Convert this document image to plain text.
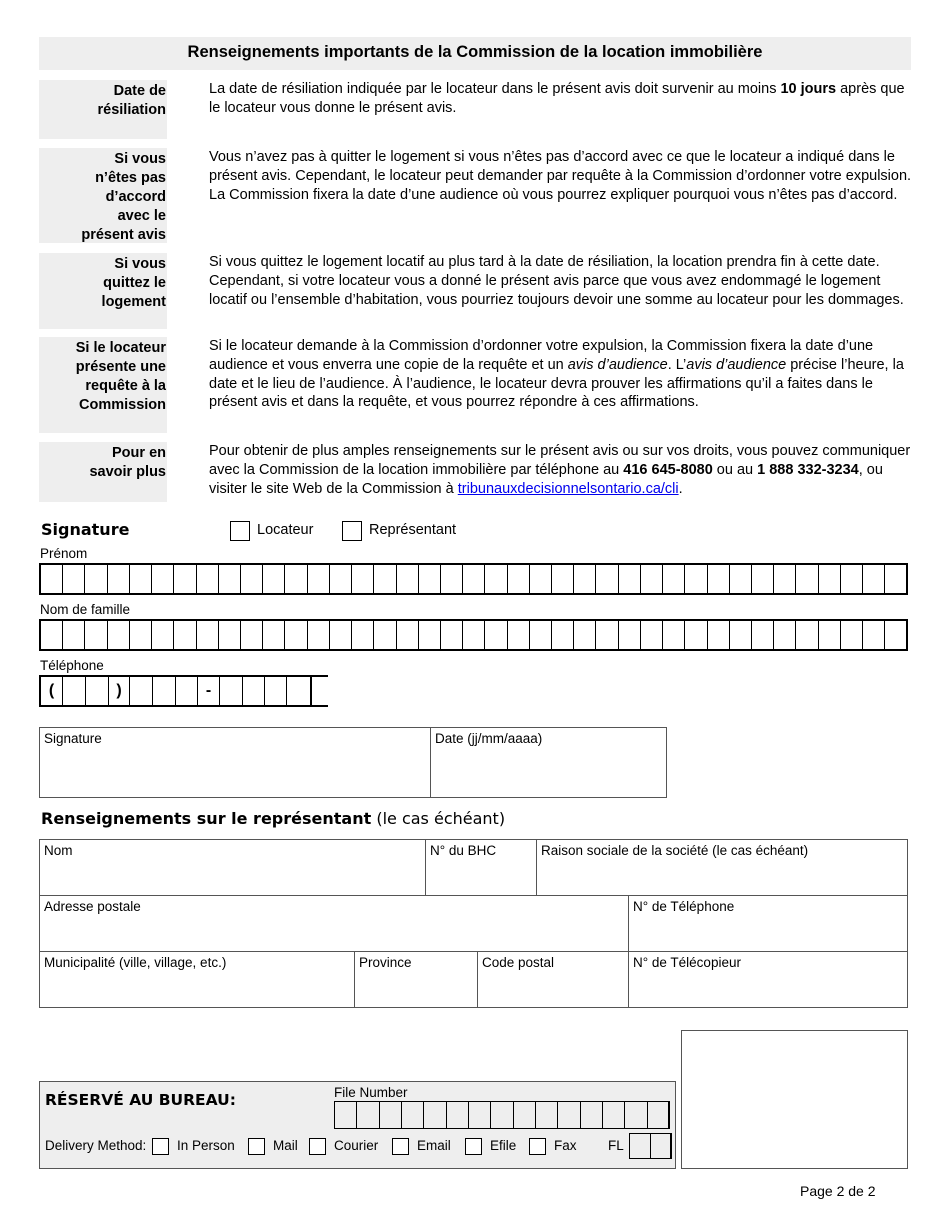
Renseignements importants de la Commission de la location immobilière
Date de
résiliation
La date de résiliation indiquée par le locateur dans le présent avis doit survenir au moins 10 jours après que le locateur vous donne le présent avis.
Si vous
n’êtes pas
d’accord
avec le
présent avis
Vous n’avez pas à quitter le logement si vous n’êtes pas d’accord avec ce que le locateur a indiqué dans le présent avis. Cependant, le locateur peut demander par requête à la Commission d’ordonner votre expulsion. La Commission fixera la date d’une audience où vous pourrez expliquer pourquoi vous n’êtes pas d’accord.
Si vous
quittez le
logement
Si vous quittez le logement locatif au plus tard à la date de résiliation, la location prendra fin à cette date. Cependant, si votre locateur vous a donné le présent avis parce que vous avez endommagé le logement locatif ou l’ensemble d’habitation, vous pourriez toujours devoir une somme au locateur pour les dommages.
Si le locateur
présente une
requête à la
Commission
Si le locateur demande à la Commission d’ordonner votre expulsion, la Commission fixera la date d’une audience et vous enverra une copie de la requête et un avis d’audience. L’avis d’audience précise l’heure, la date et le lieu de l’audience. À l’audience, le locateur devra prouver les affirmations qu’il a faites dans le présent avis et dans la requête, et vous pourrez répondre à ces affirmations.
Pour en
savoir plus
Pour obtenir de plus amples renseignements sur le présent avis ou sur vos droits, vous pouvez communiquer avec la Commission de la location immobilière par téléphone au 416 645-8080 ou au 1 888 332-3234, ou visiter le site Web de la Commission à tribunauxdecisionnelsontario.ca/cli.
Signature	Locateur	Représentant
Prénom
Nom de famille
Téléphone
(	)	-
Signature	Date (jj/mm/aaaa)
Renseignements sur le représentant (le cas échéant)
Nom	N° du BHC	Raison sociale de la société (le cas échéant)
Adresse postale	N° de Téléphone
Municipalité (ville, village, etc.)	Province	Code postal	N° de Télécopieur
RÉSERVÉ AU BUREAU:	File Number
Delivery Method: In Person	Mail	Courier	Email	Efile	Fax FL
Page 2 de 2
